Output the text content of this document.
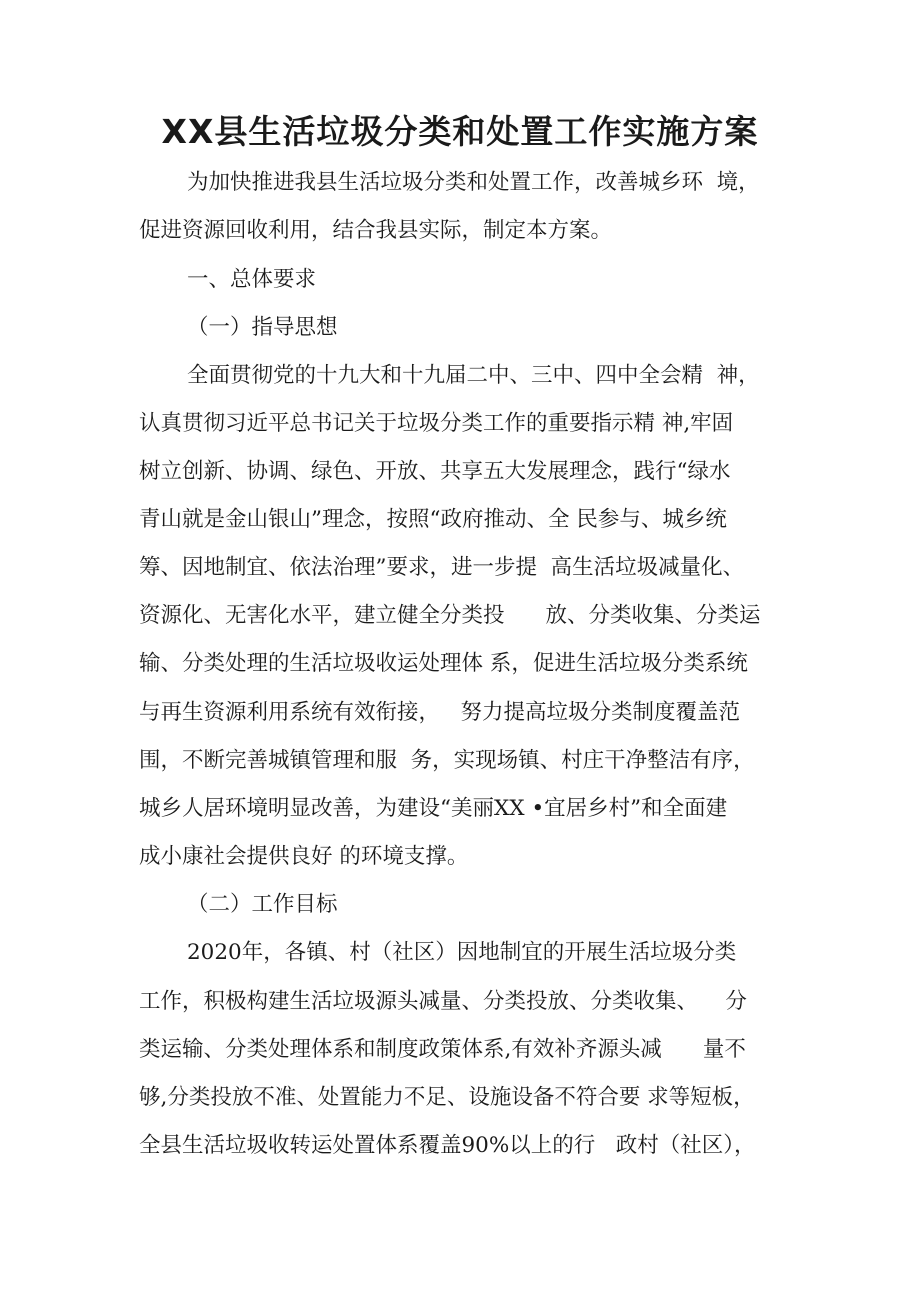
XX县生活垃圾分类和处置工作实施方案

为加快推进我县生活垃圾分类和处置工作，改善城乡环  境，

促进资源回收利用，结合我县实际，制定本方案。

一、总体要求

（一）指导思想

全面贯彻党的十九大和十九届二中、三中、四中全会精  神，

认真贯彻习近平总书记关于垃圾分类工作的重要指示精 神,牢固

树立创新、协调、绿色、开放、共享五大发展理念，践行“绿水

青山就是金山银山”理念，按照“政府推动、全 民参与、城乡统

筹、因地制宜、依法治理”要求，进一步提  高生活垃圾减量化、

资源化、无害化水平，建立健全分类投      放、分类收集、分类运

输、分类处理的生活垃圾收运处理体 系，促进生活垃圾分类系统

与再生资源利用系统有效衔接，   努力提高垃圾分类制度覆盖范

围，不断完善城镇管理和服  务，实现场镇、村庄干净整洁有序，

城乡人居环境明显改善，为建设“美丽XX •宜居乡村”和全面建

成小康社会提供良好 的环境支撑。

（二）工作目标

2020年，各镇、村（社区）因地制宜的开展生活垃圾分类

工作，积极构建生活垃圾源头减量、分类投放、分类收集、    分

类运输、分类处理体系和制度政策体系,有效补齐源头减      量不

够,分类投放不准、处置能力不足、设施设备不符合要 求等短板，

全县生活垃圾收转运处置体系覆盖90%以上的行   政村（社区），
